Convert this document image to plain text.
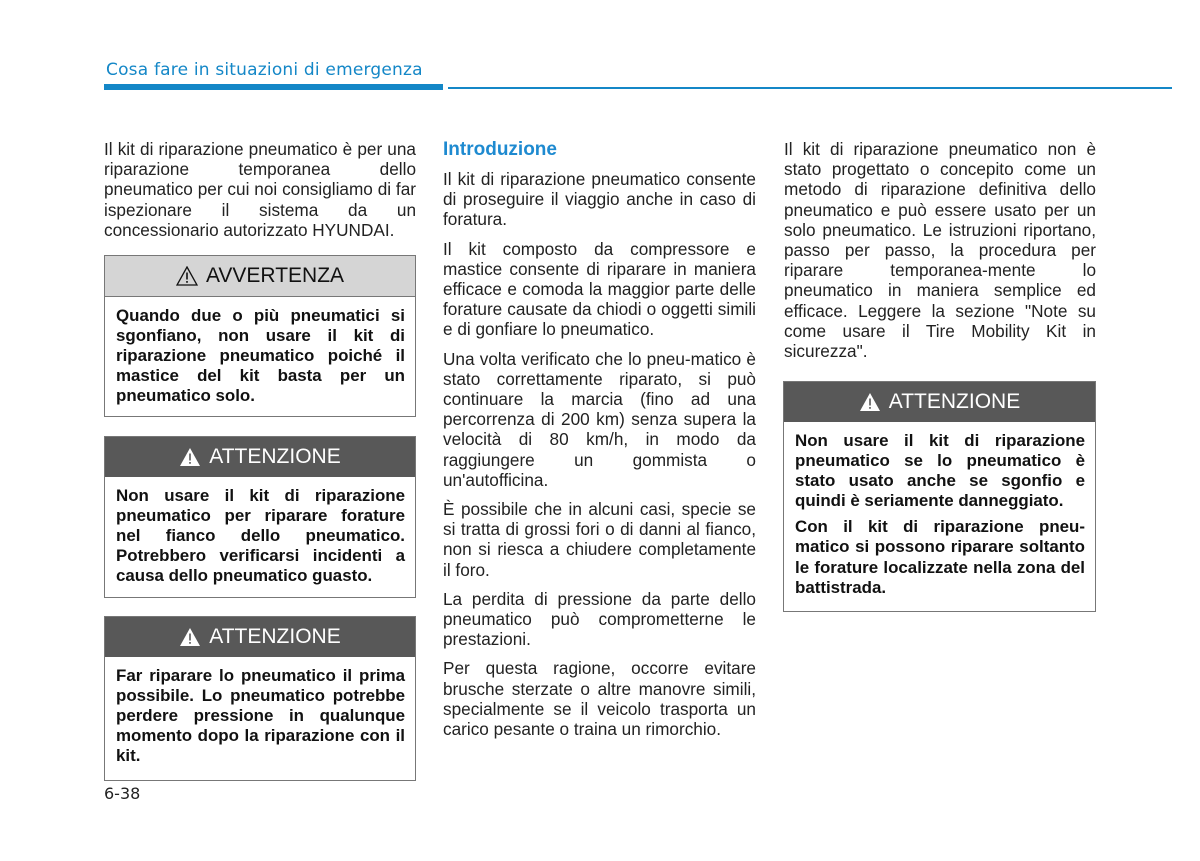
Cosa fare in situazioni di emergenza

Il kit di riparazione pneumatico è per una riparazione temporanea dello pneumatico per cui noi consigliamo di far ispezionare il sistema da un concessionario autorizzato HYUNDAI.

AVVERTENZA

Quando due o più pneumatici si sgonfiano, non usare il kit di riparazione pneumatico poiché il mastice del kit basta per un pneumatico solo.

ATTENZIONE

Non usare il kit di riparazione pneumatico per riparare forature nel fianco dello pneumatico. Potrebbero verificarsi incidenti a causa dello pneumatico guasto.

ATTENZIONE

Far riparare lo pneumatico il prima possibile. Lo pneumatico potrebbe perdere pressione in qualunque momento dopo la riparazione con il kit.

Introduzione

Il kit di riparazione pneumatico consente di proseguire il viaggio anche in caso di foratura.

Il kit composto da compressore e mastice consente di riparare in maniera efficace e comoda la maggior parte delle forature causate da chiodi o oggetti simili e di gonfiare lo pneumatico.

Una volta verificato che lo pneu-matico è stato correttamente riparato, si può continuare la marcia (fino ad una percorrenza di 200 km) senza supera la velocità di 80 km/h, in modo da raggiungere un gommista o un'autofficina.

È possibile che in alcuni casi, specie se si tratta di grossi fori o di danni al fianco, non si riesca a chiudere completamente il foro.

La perdita di pressione da parte dello pneumatico può comprometterne le prestazioni.

Per questa ragione, occorre evitare brusche sterzate o altre manovre simili, specialmente se il veicolo trasporta un carico pesante o traina un rimorchio.

Il kit di riparazione pneumatico non è stato progettato o concepito come un metodo di riparazione definitiva dello pneumatico e può essere usato per un solo pneumatico. Le istruzioni riportano, passo per passo, la procedura per riparare temporanea-mente lo pneumatico in maniera semplice ed efficace. Leggere la sezione "Note su come usare il Tire Mobility Kit in sicurezza".

ATTENZIONE

Non usare il kit di riparazione pneumatico se lo pneumatico è stato usato anche se sgonfio e quindi è seriamente danneggiato.

Con il kit di riparazione pneu-matico si possono riparare soltanto le forature localizzate nella zona del battistrada.

6-38
